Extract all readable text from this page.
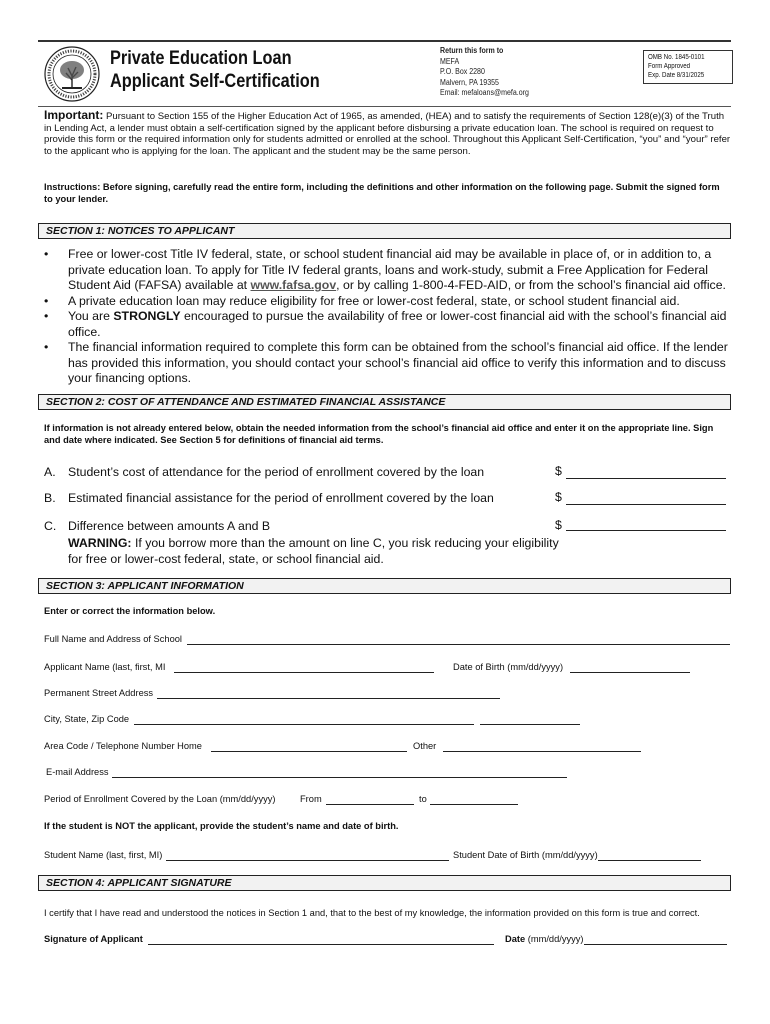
Private Education Loan
Applicant Self-Certification
Return this form to
MEFA
P.O. Box 2280
Malvern, PA 19355
Email: mefaloans@mefa.org
OMB No. 1845-0101
Form Approved
Exp. Date 8/31/2025
Important: Pursuant to Section 155 of the Higher Education Act of 1965, as amended, (HEA) and to satisfy the requirements of Section 128(e)(3) of the Truth in Lending Act, a lender must obtain a self-certification signed by the applicant before disbursing a private education loan. The school is required on request to provide this form or the required information only for students admitted or enrolled at the school. Throughout this Applicant Self-Certification, “you” and “your” refer to the applicant who is applying for the loan. The applicant and the student may be the same person.
Instructions: Before signing, carefully read the entire form, including the definitions and other information on the following page. Submit the signed form to your lender.
SECTION 1: NOTICES TO APPLICANT
• Free or lower-cost Title IV federal, state, or school student financial aid may be available in place of, or in addition to, a private education loan. To apply for Title IV federal grants, loans and work-study, submit a Free Application for Federal Student Aid (FAFSA) available at www.fafsa.gov, or by calling 1-800-4-FED-AID, or from the school’s financial aid office.
• A private education loan may reduce eligibility for free or lower-cost federal, state, or school student financial aid.
• You are STRONGLY encouraged to pursue the availability of free or lower-cost financial aid with the school’s financial aid office.
• The financial information required to complete this form can be obtained from the school’s financial aid office. If the lender has provided this information, you should contact your school’s financial aid office to verify this information and to discuss your financing options.
SECTION 2: COST OF ATTENDANCE AND ESTIMATED FINANCIAL ASSISTANCE
If information is not already entered below, obtain the needed information from the school’s financial aid office and enter it on the appropriate line. Sign and date where indicated. See Section 5 for definitions of financial aid terms.
A. Student’s cost of attendance for the period of enrollment covered by the loan	$
B. Estimated financial assistance for the period of enrollment covered by the loan	$
C. Difference between amounts A and B	$
WARNING: If you borrow more than the amount on line C, you risk reducing your eligibility
for free or lower-cost federal, state, or school financial aid.
SECTION 3: APPLICANT INFORMATION
Enter or correct the information below.
Full Name and Address of School
Applicant Name (last, first, MI	Date of Birth (mm/dd/yyyy)
Permanent Street Address
City, State, Zip Code
Area Code / Telephone Number Home	Other
E-mail Address
Period of Enrollment Covered by the Loan (mm/dd/yyyy)	From	to
If the student is NOT the applicant, provide the student’s name and date of birth.
Student Name (last, first, MI)	Student Date of Birth (mm/dd/yyyy)
SECTION 4: APPLICANT SIGNATURE
I certify that I have read and understood the notices in Section 1 and, that to the best of my knowledge, the information provided on this form is true and correct.
Signature of Applicant	Date (mm/dd/yyyy)
